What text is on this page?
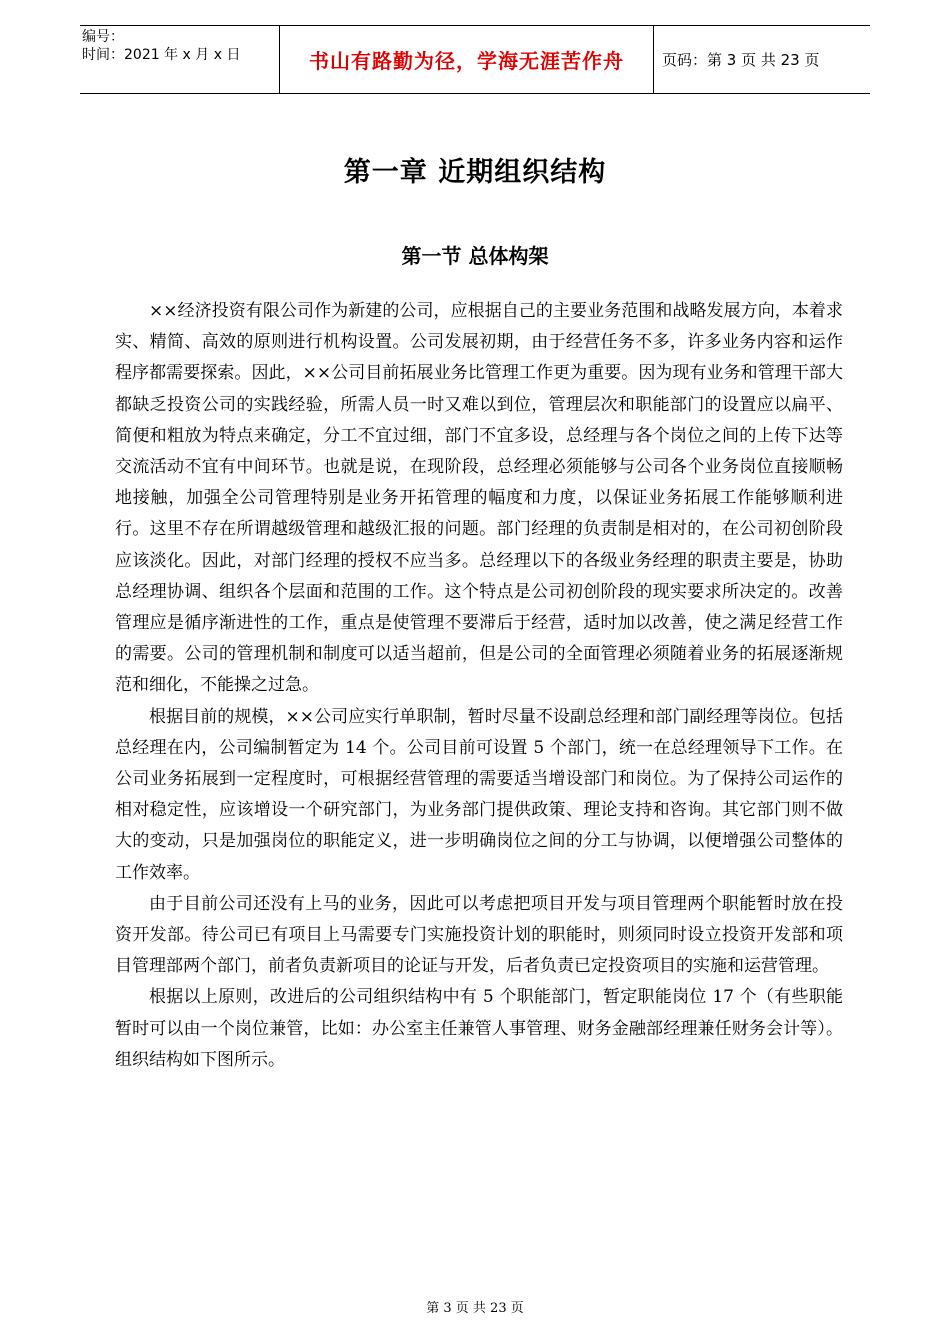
编号：
时间：2021 年 x 月 x 日	书山有路勤为径，学海无涯苦作舟	页码：第 3 页 共 23 页
第一章 近期组织结构
第一节 总体构架

××经济投资有限公司作为新建的公司，应根据自己的主要业务范围和战略发展方向，本着求实、精简、高效的原则进行机构设置。公司发展初期，由于经营任务不多，许多业务内容和运作程序都需要探索。因此，××公司目前拓展业务比管理工作更为重要。因为现有业务和管理干部大都缺乏投资公司的实践经验，所需人员一时又难以到位，管理层次和职能部门的设置应以扁平、简便和粗放为特点来确定，分工不宜过细，部门不宜多设，总经理与各个岗位之间的上传下达等交流活动不宜有中间环节。也就是说，在现阶段，总经理必须能够与公司各个业务岗位直接顺畅地接触，加强全公司管理特别是业务开拓管理的幅度和力度，以保证业务拓展工作能够顺利进行。这里不存在所谓越级管理和越级汇报的问题。部门经理的负责制是相对的，在公司初创阶段应该淡化。因此，对部门经理的授权不应当多。总经理以下的各级业务经理的职责主要是，协助总经理协调、组织各个层面和范围的工作。这个特点是公司初创阶段的现实要求所决定的。改善管理应是循序渐进性的工作，重点是使管理不要滞后于经营，适时加以改善，使之满足经营工作的需要。公司的管理机制和制度可以适当超前，但是公司的全面管理必须随着业务的拓展逐渐规范和细化，不能操之过急。

根据目前的规模，××公司应实行单职制，暂时尽量不设副总经理和部门副经理等岗位。包括总经理在内，公司编制暂定为 14 个。公司目前可设置 5 个部门，统一在总经理领导下工作。在公司业务拓展到一定程度时，可根据经营管理的需要适当增设部门和岗位。为了保持公司运作的相对稳定性，应该增设一个研究部门，为业务部门提供政策、理论支持和咨询。其它部门则不做大的变动，只是加强岗位的职能定义，进一步明确岗位之间的分工与协调，以便增强公司整体的工作效率。

由于目前公司还没有上马的业务，因此可以考虑把项目开发与项目管理两个职能暂时放在投资开发部。待公司已有项目上马需要专门实施投资计划的职能时，则须同时设立投资开发部和项目管理部两个部门，前者负责新项目的论证与开发，后者负责已定投资项目的实施和运营管理。

根据以上原则，改进后的公司组织结构中有 5 个职能部门，暂定职能岗位 17 个（有些职能暂时可以由一个岗位兼管，比如：办公室主任兼管人事管理、财务金融部经理兼任财务会计等）。组织结构如下图所示。

第 3 页 共 23 页
